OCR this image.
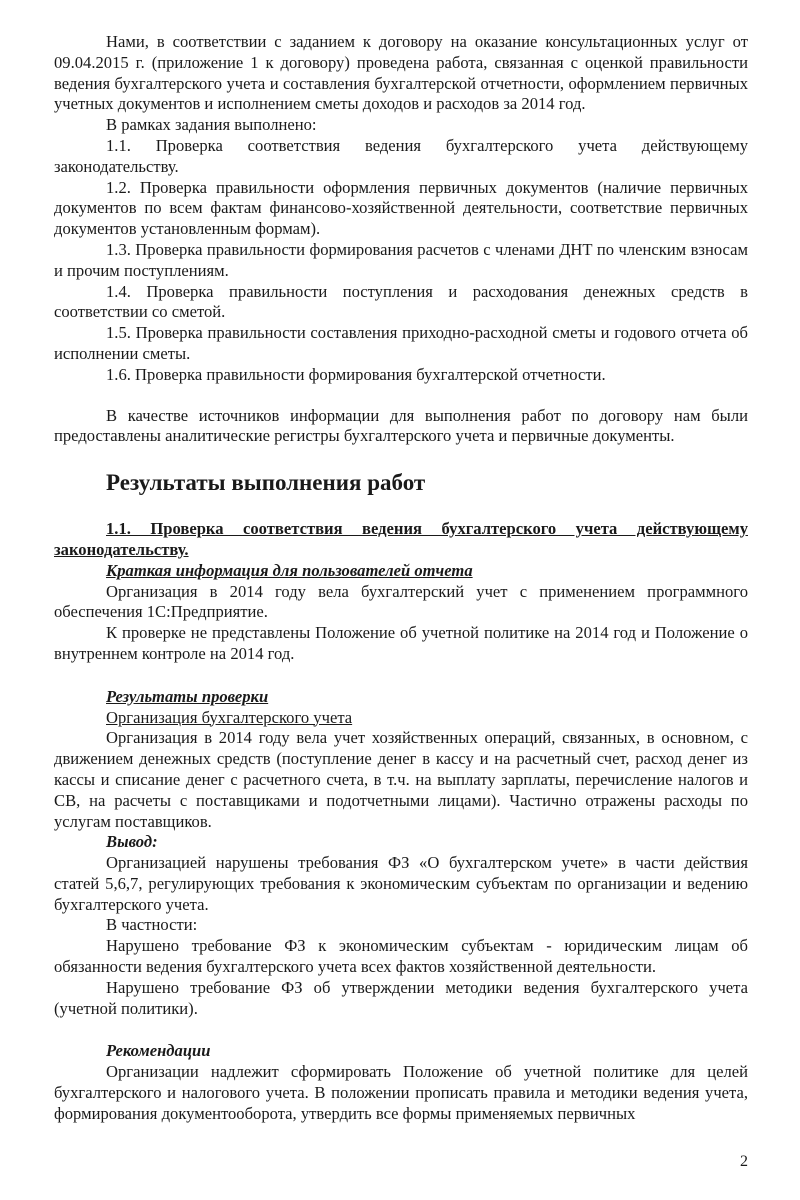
Нами, в соответствии с заданием к договору на оказание консультационных услуг от 09.04.2015 г. (приложение 1 к договору) проведена работа, связанная с оценкой правильности ведения бухгалтерского учета и составления бухгалтерской отчетности, оформлением первичных учетных документов и исполнением сметы доходов и расходов за 2014 год.

В рамках задания выполнено:

1.1. Проверка соответствия ведения бухгалтерского учета действующему законодательству.

1.2. Проверка правильности оформления первичных документов (наличие первичных документов по всем фактам финансово-хозяйственной деятельности, соответствие первичных документов установленным формам).

1.3. Проверка правильности формирования расчетов с членами ДНТ по членским взносам и прочим поступлениям.

1.4. Проверка правильности поступления и расходования денежных средств в соответствии со сметой.

1.5. Проверка правильности составления приходно-расходной сметы и годового отчета об исполнении сметы.

1.6. Проверка правильности формирования бухгалтерской отчетности.

В качестве источников информации для выполнения работ по договору нам были предоставлены аналитические регистры бухгалтерского учета и первичные документы.

Результаты выполнения работ

1.1. Проверка соответствия ведения бухгалтерского учета действующему законодательству.

Краткая информация для пользователей отчета

Организация в 2014 году вела бухгалтерский учет с применением программного обеспечения 1С:Предприятие.

К проверке не представлены Положение об учетной политике на 2014 год и Положение о внутреннем контроле на 2014 год.

Результаты проверки

Организация бухгалтерского учета

Организация в 2014 году вела учет хозяйственных операций, связанных, в основном, с движением денежных средств (поступление денег в кассу и на расчетный счет, расход денег из кассы и списание денег с расчетного счета, в т.ч. на выплату зарплаты, перечисление налогов и СВ, на расчеты с поставщиками и подотчетными лицами). Частично отражены расходы по услугам поставщиков.

Вывод:

Организацией нарушены требования ФЗ «О бухгалтерском учете» в части действия статей 5,6,7, регулирующих требования к экономическим субъектам по организации и ведению бухгалтерского учета.

В частности:

Нарушено требование ФЗ к экономическим субъектам - юридическим лицам об обязанности ведения бухгалтерского учета всех фактов хозяйственной деятельности.

Нарушено требование ФЗ об утверждении методики ведения бухгалтерского учета (учетной политики).

Рекомендации

Организации надлежит сформировать Положение об учетной политике для целей бухгалтерского и налогового учета. В положении прописать правила и методики ведения учета, формирования документооборота, утвердить все формы применяемых первичных

2
